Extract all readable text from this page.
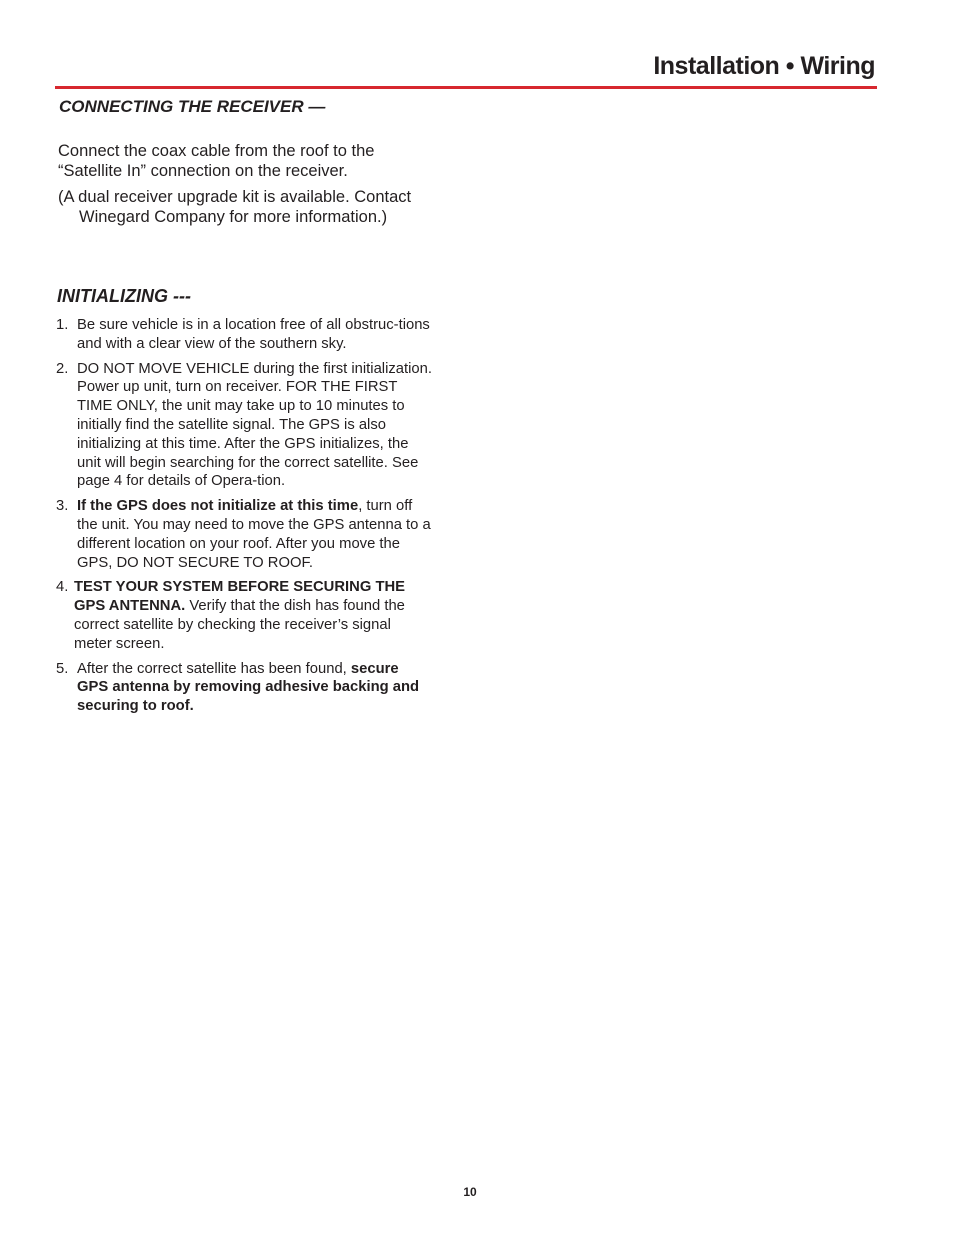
Installation • Wiring
CONNECTING THE RECEIVER —

Connect the coax cable from the roof to the “Satellite In” connection on the receiver.

(A dual receiver upgrade kit is available. Contact Winegard Company for more information.)

INITIALIZING ---
1. Be sure vehicle is in a location free of all obstruc-tions and with a clear view of the southern sky.
2. DO NOT MOVE VEHICLE during the first initialization. Power up unit, turn on receiver. FOR THE FIRST TIME ONLY, the unit may take up to 10 minutes to initially find the satellite signal. The GPS is also initializing at this time. After the GPS initializes, the unit will begin searching for the correct satellite. See page 4 for details of Opera-tion.
3. If the GPS does not initialize at this time, turn off the unit. You may need to move the GPS antenna to a different location on your roof. After you move the GPS, DO NOT SECURE TO ROOF.
4. TEST YOUR SYSTEM BEFORE SECURING THE GPS ANTENNA. Verify that the dish has found the correct satellite by checking the receiver’s signal meter screen.
5. After the correct satellite has been found, secure GPS antenna by removing adhesive backing and securing to roof.
10
